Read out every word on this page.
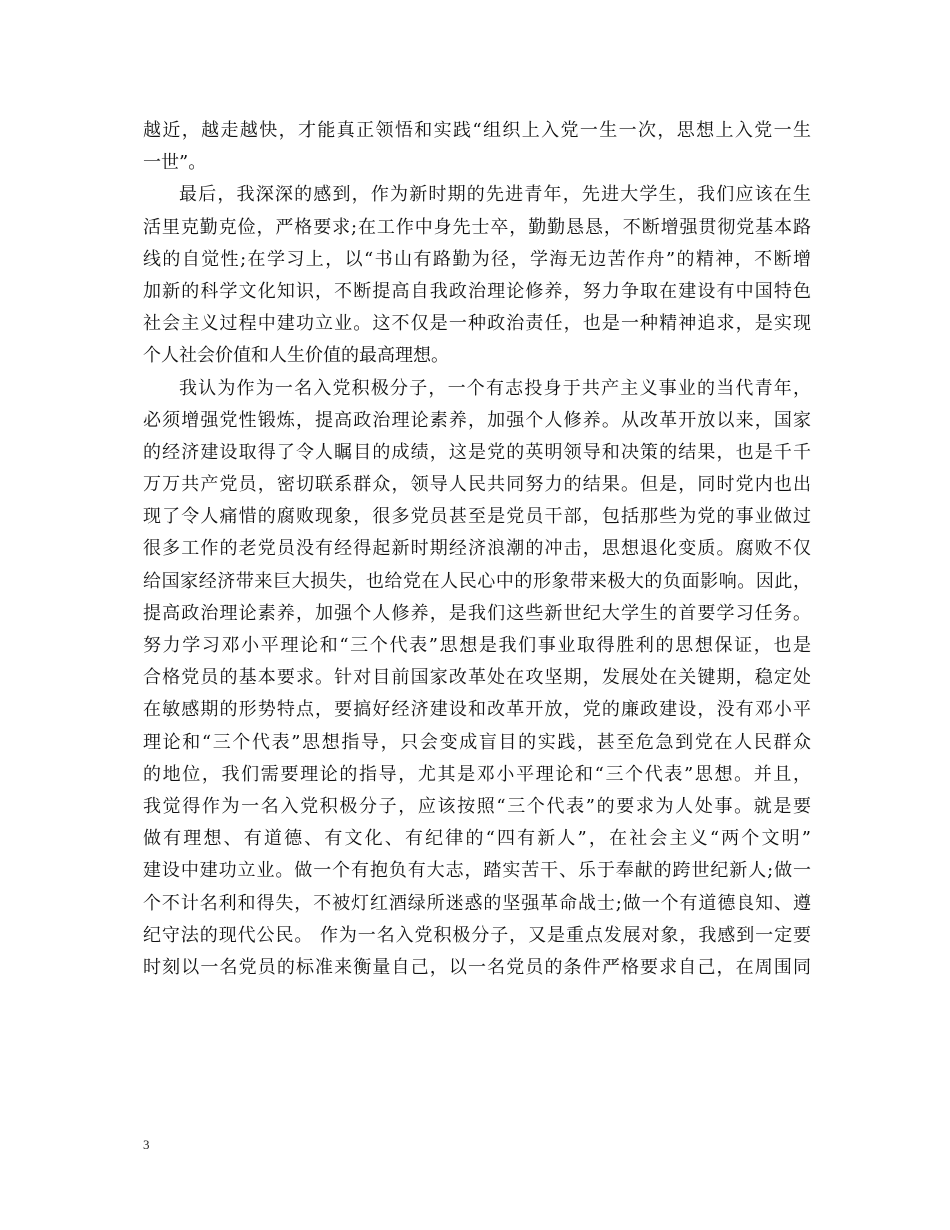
越近，越走越快，才能真正领悟和实践“组织上入党一生一次，思想上入党一生
一世”。
最后，我深深的感到，作为新时期的先进青年，先进大学生，我们应该在生
活里克勤克俭，严格要求;在工作中身先士卒，勤勤恳恳，不断增强贯彻党基本路
线的自觉性;在学习上，以“书山有路勤为径，学海无边苦作舟”的精神，不断增
加新的科学文化知识，不断提高自我政治理论修养，努力争取在建设有中国特色
社会主义过程中建功立业。这不仅是一种政治责任，也是一种精神追求，是实现
个人社会价值和人生价值的最高理想。
我认为作为一名入党积极分子，一个有志投身于共产主义事业的当代青年，
必须增强党性锻炼，提高政治理论素养，加强个人修养。从改革开放以来，国家
的经济建设取得了令人瞩目的成绩，这是党的英明领导和决策的结果，也是千千
万万共产党员，密切联系群众，领导人民共同努力的结果。但是，同时党内也出
现了令人痛惜的腐败现象，很多党员甚至是党员干部，包括那些为党的事业做过
很多工作的老党员没有经得起新时期经济浪潮的冲击，思想退化变质。腐败不仅
给国家经济带来巨大损失，也给党在人民心中的形象带来极大的负面影响。因此，
提高政治理论素养，加强个人修养，是我们这些新世纪大学生的首要学习任务。
努力学习邓小平理论和“三个代表”思想是我们事业取得胜利的思想保证，也是
合格党员的基本要求。针对目前国家改革处在攻坚期，发展处在关键期，稳定处
在敏感期的形势特点，要搞好经济建设和改革开放，党的廉政建设，没有邓小平
理论和“三个代表”思想指导，只会变成盲目的实践，甚至危急到党在人民群众
的地位，我们需要理论的指导，尤其是邓小平理论和“三个代表”思想。并且，
我觉得作为一名入党积极分子，应该按照“三个代表”的要求为人处事。就是要
做有理想、有道德、有文化、有纪律的“四有新人”，在社会主义“两个文明”
建设中建功立业。做一个有抱负有大志，踏实苦干、乐于奉献的跨世纪新人;做一
个不计名利和得失，不被灯红酒绿所迷惑的坚强革命战士;做一个有道德良知、遵
纪守法的现代公民。 作为一名入党积极分子，又是重点发展对象，我感到一定要
时刻以一名党员的标准来衡量自己，以一名党员的条件严格要求自己，在周围同
3
